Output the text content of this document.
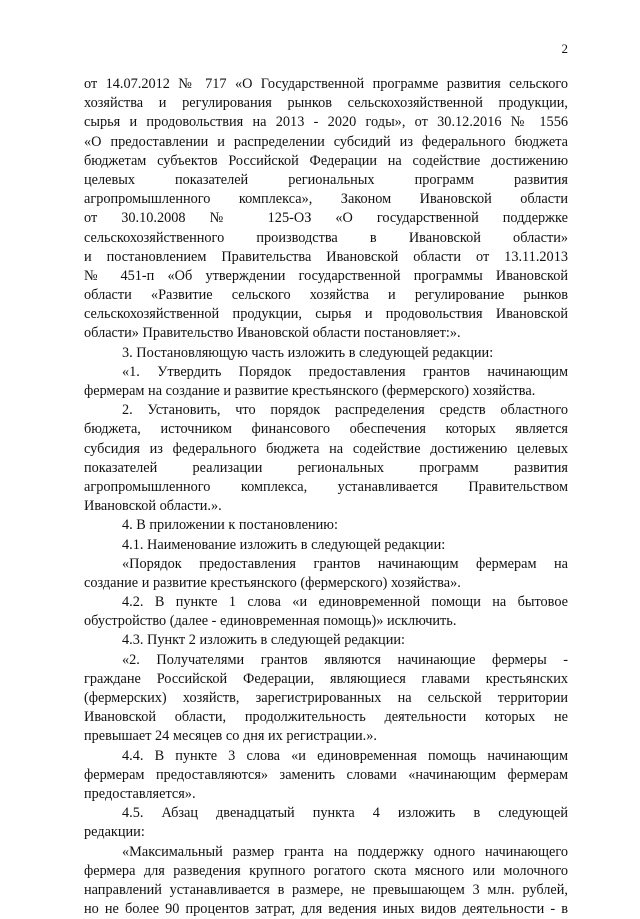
2
от 14.07.2012 № 717 «О Государственной программе развития сельского
хозяйства и регулирования рынков сельскохозяйственной продукции,
сырья и продовольствия на 2013 - 2020 годы», от 30.12.2016 № 1556
«О предоставлении и распределении субсидий из федерального бюджета
бюджетам субъектов Российской Федерации на содействие достижению
целевых показателей региональных программ развития
агропромышленного комплекса», Законом Ивановской области
от 30.10.2008 № 125-ОЗ «О государственной поддержке
сельскохозяйственного производства в Ивановской области»
и постановлением Правительства Ивановской области от 13.11.2013
№ 451-п «Об утверждении государственной программы Ивановской
области «Развитие сельского хозяйства и регулирование рынков
сельскохозяйственной продукции, сырья и продовольствия Ивановской
области» Правительство Ивановской области постановляет:».
3. Постановляющую часть изложить в следующей редакции:
«1. Утвердить Порядок предоставления грантов начинающим
фермерам на создание и развитие крестьянского (фермерского) хозяйства.
2. Установить, что порядок распределения средств областного
бюджета, источником финансового обеспечения которых является
субсидия из федерального бюджета на содействие достижению целевых
показателей реализации региональных программ развития
агропромышленного комплекса, устанавливается Правительством
Ивановской области.».
4. В приложении к постановлению:
4.1. Наименование изложить в следующей редакции:
«Порядок предоставления грантов начинающим фермерам на
создание и развитие крестьянского (фермерского) хозяйства».
4.2. В пункте 1 слова «и единовременной помощи на бытовое
обустройство (далее - единовременная помощь)» исключить.
4.3. Пункт 2 изложить в следующей редакции:
«2. Получателями грантов являются начинающие фермеры -
граждане Российской Федерации, являющиеся главами крестьянских
(фермерских) хозяйств, зарегистрированных на сельской территории
Ивановской области, продолжительность деятельности которых не
превышает 24 месяцев со дня их регистрации.».
4.4. В пункте 3 слова «и единовременная помощь начинающим
фермерам предоставляются» заменить словами «начинающим фермерам
предоставляется».
4.5. Абзац двенадцатый пункта 4 изложить в следующей
редакции:
«Максимальный размер гранта на поддержку одного начинающего
фермера для разведения крупного рогатого скота мясного или молочного
направлений устанавливается в размере, не превышающем 3 млн. рублей,
но не более 90 процентов затрат, для ведения иных видов деятельности - в
